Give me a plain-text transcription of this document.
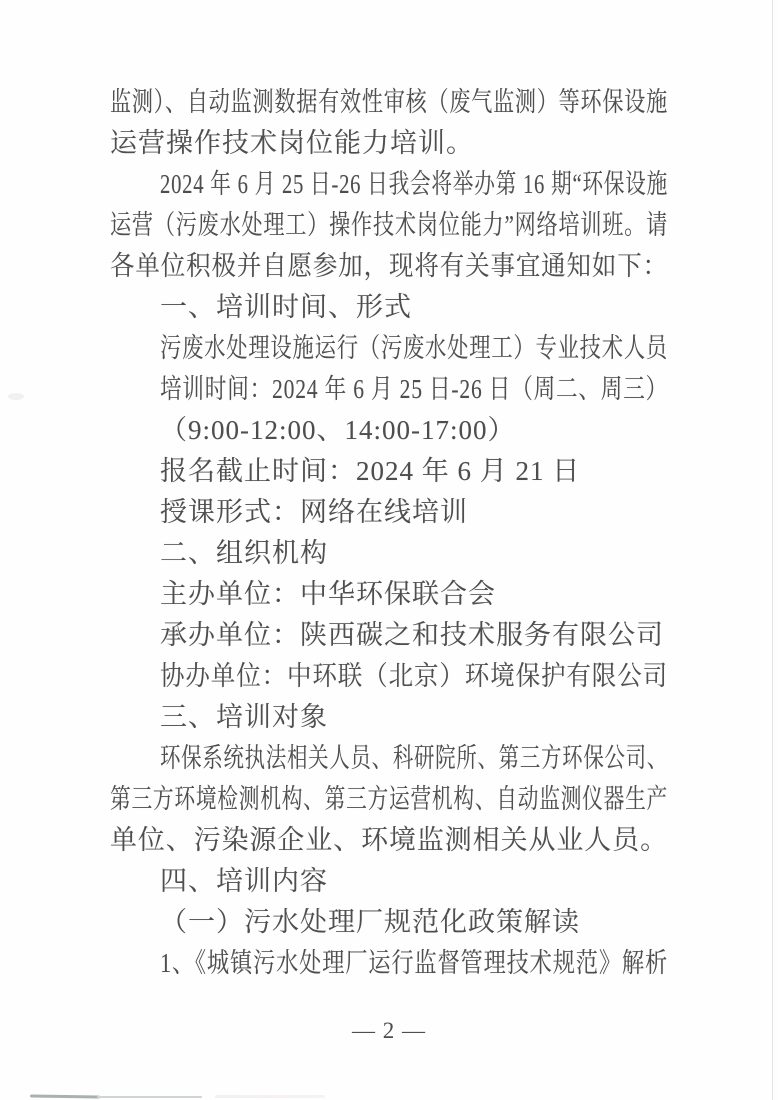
监测）、自动监测数据有效性审核（废气监测）等环保设施
运营操作技术岗位能力培训。
2024 年 6 月 25 日-26 日我会将举办第 16 期“环保设施
运营（污废水处理工）操作技术岗位能力”网络培训班。请
各单位积极并自愿参加，现将有关事宜通知如下：
一、培训时间、形式
污废水处理设施运行（污废水处理工）专业技术人员
培训时间：2024 年 6 月 25 日-26 日（周二、周三）
（9:00-12:00、14:00-17:00）
报名截止时间：2024 年 6 月 21 日
授课形式：网络在线培训
二、组织机构
主办单位：中华环保联合会
承办单位：陕西碳之和技术服务有限公司
协办单位：中环联（北京）环境保护有限公司
三、培训对象
环保系统执法相关人员、科研院所、第三方环保公司、
第三方环境检测机构、第三方运营机构、自动监测仪器生产
单位、污染源企业、环境监测相关从业人员。
四、培训内容
（一）污水处理厂规范化政策解读
1、《城镇污水处理厂运行监督管理技术规范》解析
— 2 —
